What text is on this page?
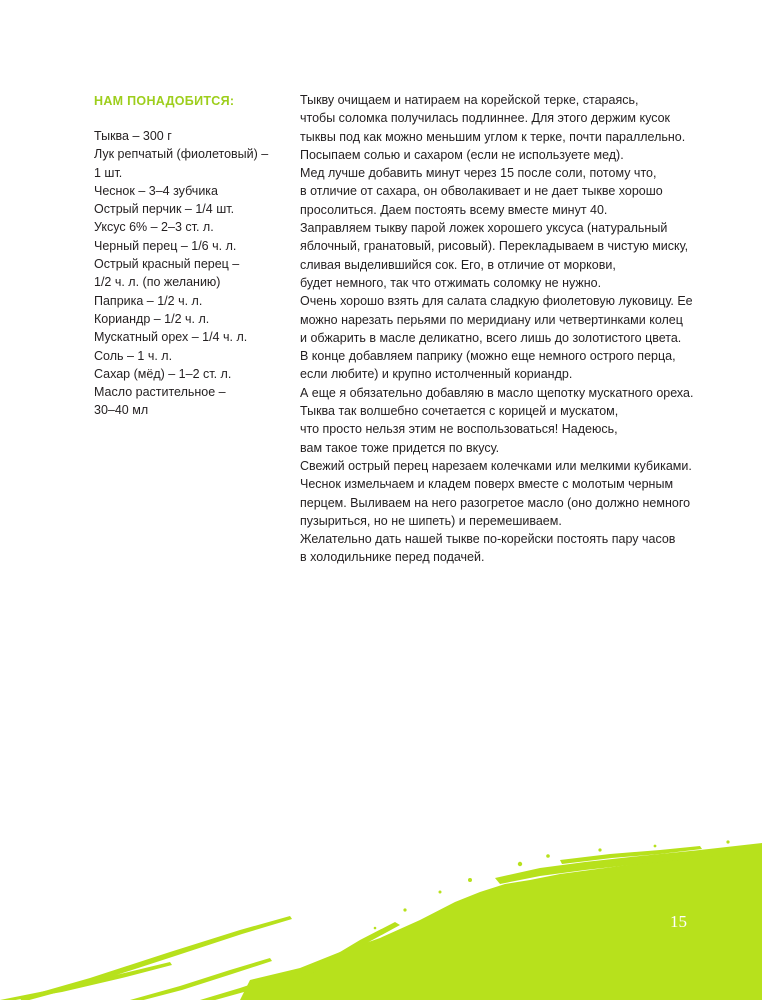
НАМ ПОНАДОБИТСЯ:
Тыква – 300 г
Лук репчатый (фиолетовый) –
1 шт.
Чеснок – 3–4 зубчика
Острый перчик – 1/4 шт.
Уксус 6% – 2–3 ст. л.
Черный перец – 1/6 ч. л.
Острый красный перец –
1/2 ч. л. (по желанию)
Паприка – 1/2 ч. л.
Кориандр – 1/2 ч. л.
Мускатный орех – 1/4 ч. л.
Соль – 1 ч. л.
Сахар (мёд) – 1–2 ст. л.
Масло растительное –
30–40 мл

Тыкву очищаем и натираем на корейской терке, стараясь,

чтобы соломка получилась подлиннее. Для этого держим кусок

тыквы под как можно меньшим углом к терке, почти параллельно.

Посыпаем солью и сахаром (если не используете мед).

Мед лучше добавить минут через 15 после соли, потому что,

в отличие от сахара, он обволакивает и не дает тыкве хорошо

просолиться. Даем постоять всему вместе минут 40.

Заправляем тыкву парой ложек хорошего уксуса (натуральный

яблочный, гранатовый, рисовый). Перекладываем в чистую миску,

сливая выделившийся сок. Его, в отличие от моркови,

будет немного, так что отжимать соломку не нужно.

Очень хорошо взять для салата сладкую фиолетовую луковицу. Ее

можно нарезать перьями по меридиану или четвертинками колец

и обжарить в масле деликатно, всего лишь до золотистого цвета.

В конце добавляем паприку (можно еще немного острого перца,

если любите) и крупно истолченный кориандр.

А еще я обязательно добавляю в масло щепотку мускатного ореха.

Тыква так волшебно сочетается с корицей и мускатом,

что просто нельзя этим не воспользоваться! Надеюсь,

вам такое тоже придется по вкусу.

Свежий острый перец нарезаем колечками или мелкими кубиками.

Чеснок измельчаем и кладем поверх вместе с молотым черным

перцем. Выливаем на него разогретое масло (оно должно немного

пузыриться, но не шипеть) и перемешиваем.

Желательно дать нашей тыкве по-корейски постоять пару часов

в холодильнике перед подачей.

15
